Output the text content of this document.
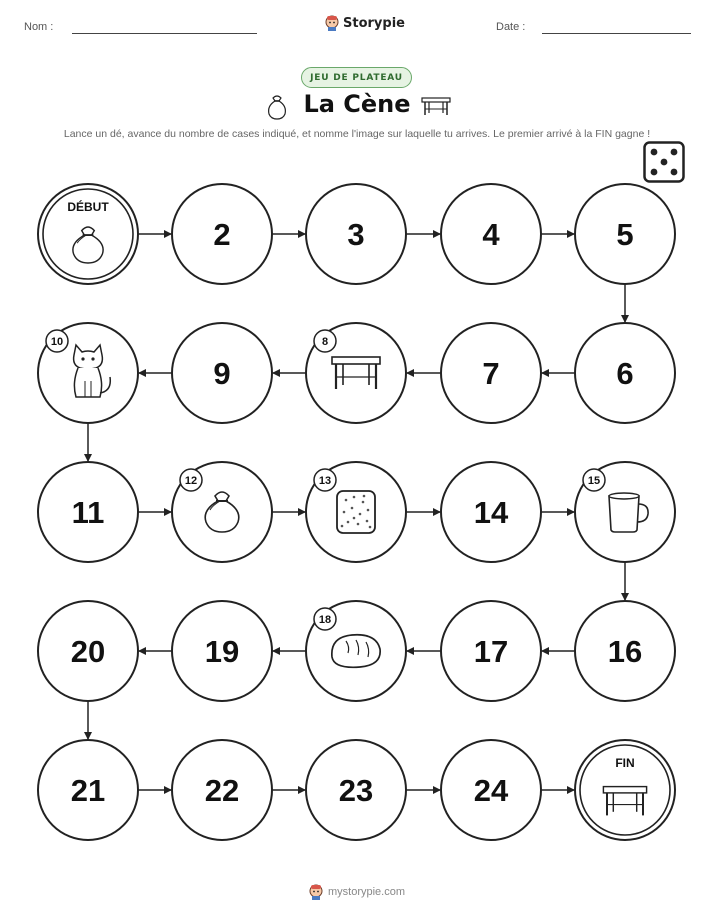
Nom :	Storypie	Date :
JEU DE PLATEAU
La Cène
Lance un dé, avance du nombre de cases indiqué, et nomme l'image sur laquelle tu arrives. Le premier arrivé à la FIN gagne !
DÉBUT
2	3	4	5
6
7
8
9
10
11
12	13
14
15
16
17
18
19
20
21	22	23	24
FIN
mystorypie.com
